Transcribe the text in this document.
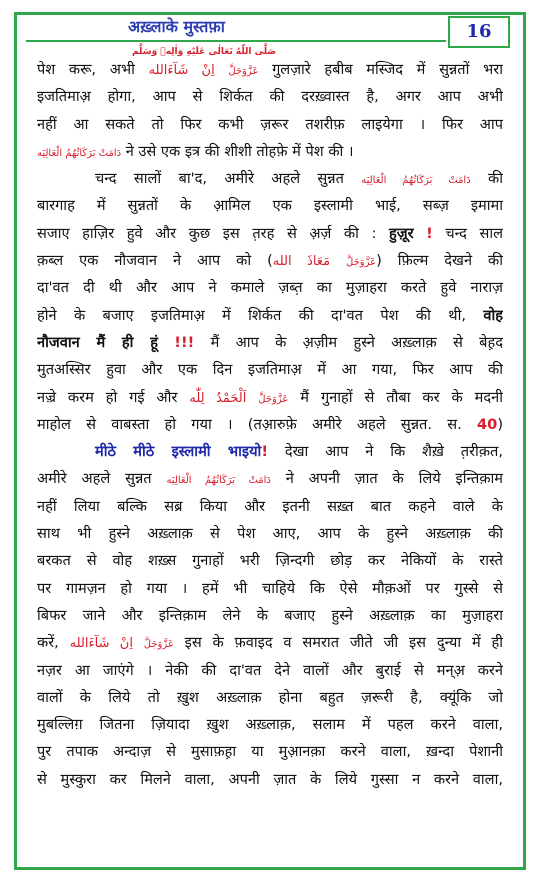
अख़्लाके मुस्तफ़ाصَلَّى اللّٰهُ تَعَالٰی عَلَیْهِ وَاٰلِهٖ وَسَلَّم
16
पेश करू, अभी	عَزَّوَجَلَّ اِنْ شَآءَالله	गुलज़ारे हबीब मस्जिद में सुन्नतों भरा
इजतिमाअ़ होगा, आप से शिर्कत की दरख़्वास्त है, अगर आप अभी
नहीं आ सकते तो फिर कभी ज़रूर तशरीफ़ लाइयेगा । फिर आप
دَامَتْ بَرَكَاتُهُمُ الْعَالِيَه ने उसे एक इत्र की शीशी तोहफ़े में पेश की ।
चन्द सालों बा'द, अमीरे अहले सुन्नत دَامَتْ بَرَكَاتُهُمُ الْعَالِيَه की
बारगाह में सुन्नतों के आ़मिल एक इस्लामी भाई, सब्ज़ इमामा
सजाए हाज़िर हुवे और कुछ इस त़रह से अ़र्ज़ की : हुज़ूर ! चन्द साल
क़ब्ल एक नौजवान ने आप को (	عَزَّوَجَلَّ مَعَاذَ الله	) फ़िल्म देखने की
दा'वत दी थी और आप ने कमाले ज़ब्त़ का मुज़ाहरा करते हुवे नाराज़
होने के बजाए इजतिमाअ़ में शिर्कत की दा'वत पेश की थी, वोह
नौजवान मैं ही हूं !!! मैं आप के अ़ज़ीम हुस्ने अख़्लाक़ से बेह़द
मुतअस्सिर हुवा और एक दिन इजतिमाअ़ में आ गया, फिर आप की
नज़्रे करम हो गई और	عَزَّوَجَلَّ اَلْحَمْدُ لِلّٰه	मैं गुनाहों से तौबा कर के मदनी
माहोल से वाबस्ता हो गया । (तआ़रुफ़े अमीरे अहले सुन्नत. स. 40)
मीठे मीठे इस्लामी भाइयो! देखा आप ने कि शैख़े त़रीक़त,
अमीरे अहले सुन्नत دَامَتْ بَرَكَاتُهُمُ الْعَالِيَه ने अपनी ज़ात के लिये इन्तिक़ाम
नहीं लिया बल्कि सब्र किया और इतनी सख़्त बात कहने वाले के
साथ भी हुस्ने अख़्लाक़ से पेश आए, आप के हुस्ने अख़्लाक़ की
बरकत से वोह शख़्स गुनाहों भरी ज़िन्दगी छोड़ कर नेकियों के रास्ते
पर गामज़न हो गया । हमें भी चाहिये कि ऐसे मौक़ओं पर गुस्से से
बिफर जाने और इन्तिक़ाम लेने के बजाए हुस्ने अख़्लाक़ का मुज़ाहरा
करें,	عَزَّوَجَلَّ اِنْ شَآءَالله	इस के फ़वाइद व समरात जीते जी इस दुन्या में ही
नज़र आ जाएंगे । नेकी की दा'वत देने वालों और बुराई से मन्अ़ करने
वालों के लिये तो ख़ुश अख़्लाक़ होना बहुत ज़रूरी है, क्यूंकि जो
मुबल्लिग़ जितना ज़ियादा ख़ुश अख़्लाक़, सलाम में पहल करने वाला,
पुर तपाक अन्दाज़ से मुसाफ़ह़ा या मुआ़नक़ा करने वाला, ख़न्दा पेशानी
से मुस्कुरा कर मिलने वाला, अपनी ज़ात के लिये गुस्सा न करने वाला,
